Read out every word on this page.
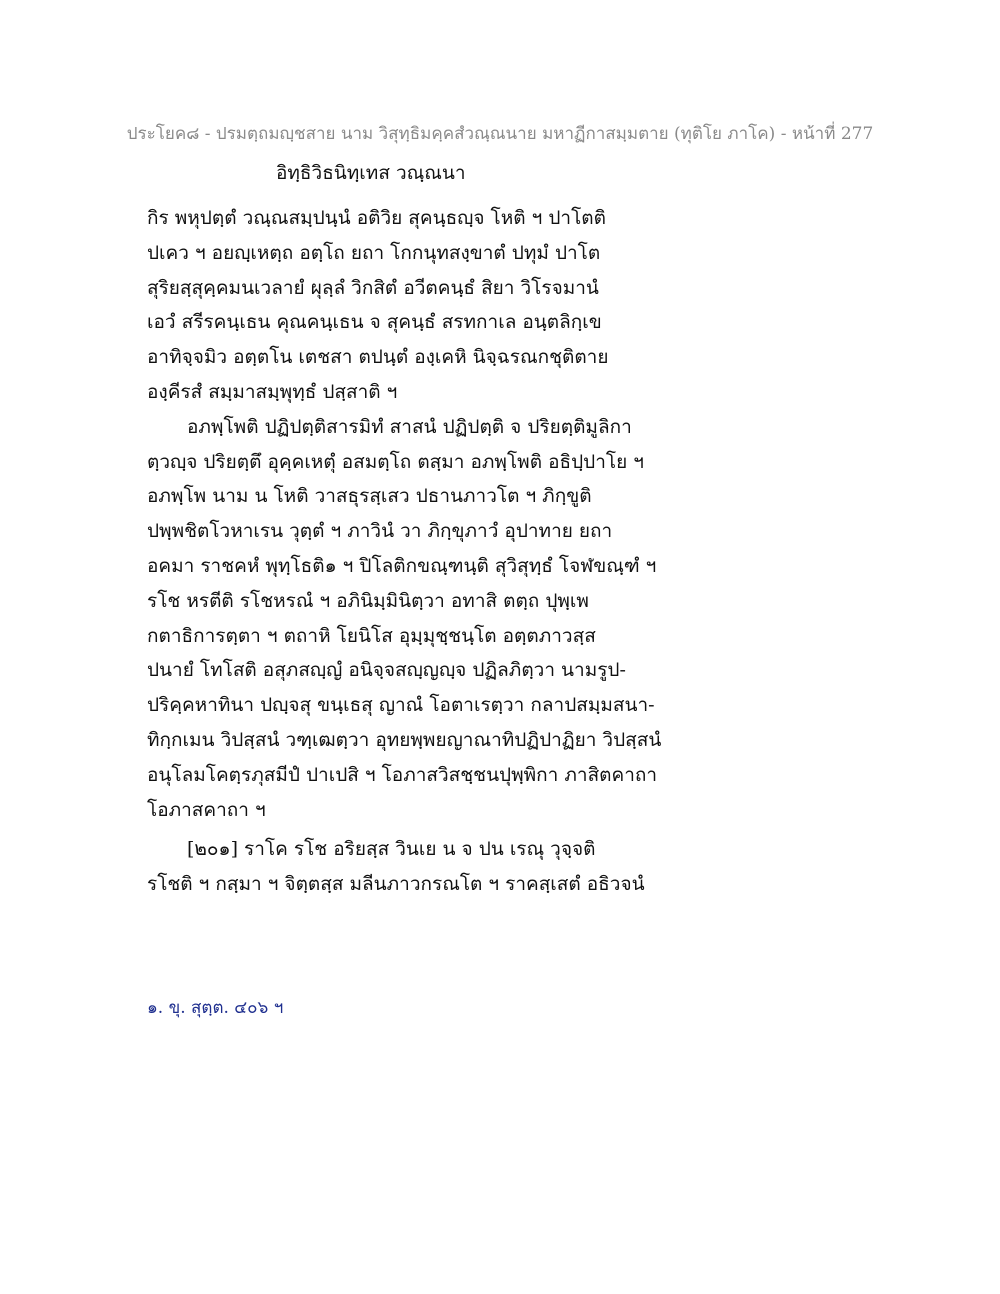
ประโยค๘ - ปรมตฺถมญฺชสาย นาม วิสุทฺธิมคฺคสํวณฺณนาย มหาฏีกาสมฺมตาย (ทุติโย ภาโค) - หน้าที่ 277
อิทฺธิวิธนิทฺเทส วณฺณนา
กิร พหุปตฺตํ วณฺณสมฺปนฺนํ อติวิย สุคนฺธญฺจ โหติ ฯ ปาโตติ
ปเคว ฯ อยญฺเหตฺถ อตฺโถ ยถา โกกนุทสงฺขาตํ ปทุมํ ปาโต
สุริยสฺสุคฺคมนเวลายํ ผุลฺลํ วิกสิตํ อวีตคนฺธํ สิยา วิโรจมานํ
เอวํ สรีรคนฺเธน คุณคนฺเธน จ สุคนฺธํ สรทกาเล อนฺตลิกฺเข
อาทิจฺจมิว อตฺตโน เตชสา ตปนฺตํ องฺเคหิ นิจฺฉรณกชุติตาย
องฺคีรสํ สมฺมาสมฺพุทฺธํ ปสฺสาติ ฯ
อภพฺโพติ ปฏิปตฺติสารมิทํ สาสนํ ปฏิปตฺติ จ ปริยตฺติมูลิกา
ตฺวญฺจ ปริยตฺตึ อุคฺคเหตุํ อสมตฺโถ ตสฺมา อภพฺโพติ อธิปฺปาโย ฯ
อภพฺโพ นาม น โหติ วาสธุรสฺเสว ปธานภาวโต ฯ ภิกฺขูติ
ปพฺพชิตโวหาเรน วุตฺตํ ฯ ภาวินํ วา ภิกฺขุภาวํ อุปาทาย ยถา
อคมา ราชคหํ พุทฺโธติ๑ ฯ ปิโลติกขณฺฑนฺติ สุวิสุทฺธํ โจฬขณฺฑํ ฯ
รโช หรตีติ รโชหรณํ ฯ อภินิมฺมินิตฺวา อทาสิ ตตฺถ ปุพฺเพ
กตาธิการตฺตา ฯ ตถาหิ โยนิโส อุมฺมุชฺชนฺโต อตฺตภาวสฺส
ปนายํ โทโสติ อสุภสญฺญํ อนิจฺจสญฺญญฺจ ปฏิลภิตฺวา นามรูป-
ปริคฺคหาทินา ปญฺจสุ ขนฺเธสุ ญาณํ โอตาเรตฺวา กลาปสมฺมสนา-
ทิกฺกเมน วิปสฺสนํ วฑฺเฒตฺวา อุทยพฺพยญาณาทิปฏิปาฏิยา วิปสฺสนํ
อนุโลมโคตฺรภุสมีปํ ปาเปสิ ฯ โอภาสวิสชฺชนปุพฺพิกา ภาสิตคาถา
โอภาสคาถา ฯ
[๒๐๑] ราโค รโช อริยสฺส วินเย น จ ปน เรณุ วุจฺจติ
รโชติ ฯ กสฺมา ฯ จิตฺตสฺส มลีนภาวกรณโต ฯ ราคสฺเสตํ อธิวจนํ
๑. ขุ. สุตฺต. ๔๐๖ ฯ
